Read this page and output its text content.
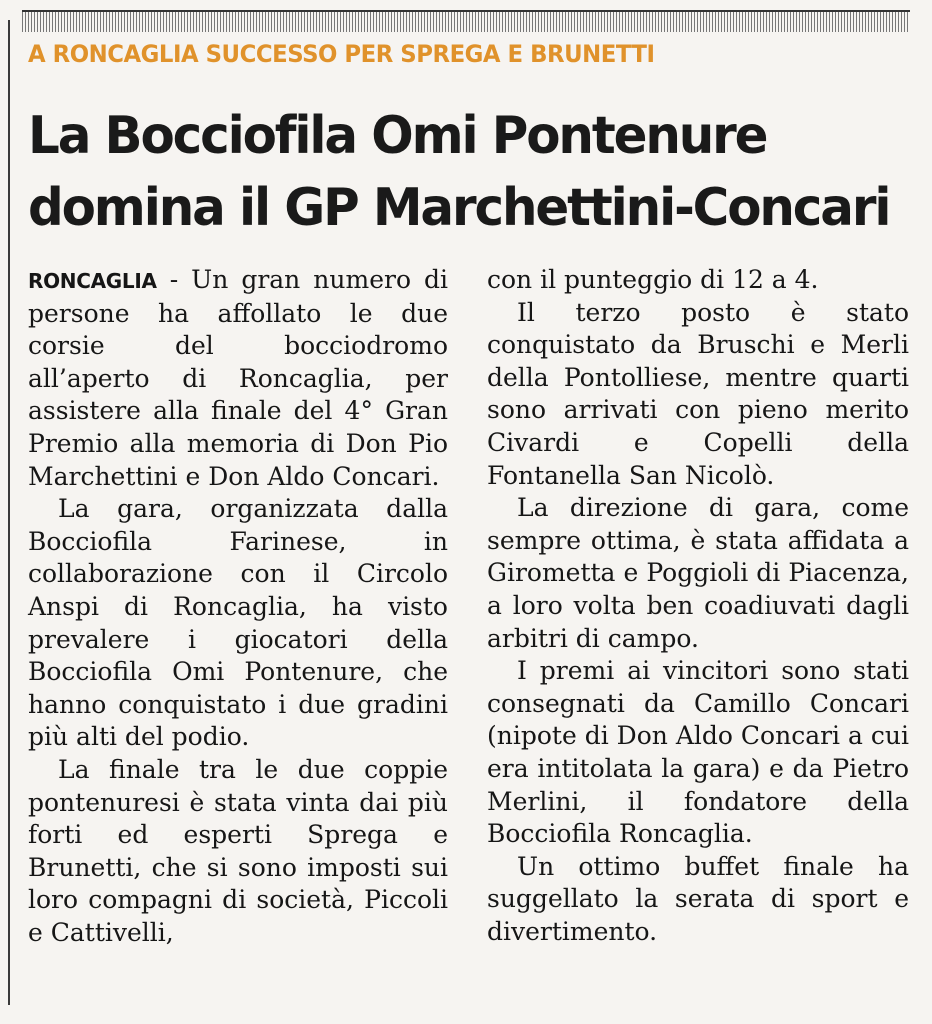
A RONCAGLIA SUCCESSO PER SPREGA E BRUNETTI
La Bocciofila Omi Pontenure
domina il GP Marchettini-Concari

RONCAGLIA - Un gran numero di persone ha affollato le due corsie del bocciodromo all’aperto di Roncaglia, per assistere alla finale del 4° Gran Premio alla memoria di Don Pio Marchettini e Don Aldo Concari.

La gara, organizzata dalla Bocciofila Farinese, in collaborazione con il Circolo Anspi di Roncaglia, ha visto prevalere i giocatori della Bocciofila Omi Pontenure, che hanno conquistato i due gradini più alti del podio.

La finale tra le due coppie pontenuresi è stata vinta dai più forti ed esperti Sprega e Brunetti, che si sono imposti sui loro compagni di società, Piccoli e Cattivelli,

con il punteggio di 12 a 4.

Il terzo posto è stato conquistato da Bruschi e Merli della Pontolliese, mentre quarti sono arrivati con pieno merito Civardi e Copelli della Fontanella San Nicolò.

La direzione di gara, come sempre ottima, è stata affidata a Girometta e Poggioli di Piacenza, a loro volta ben coadiuvati dagli arbitri di campo.

I premi ai vincitori sono stati consegnati da Camillo Concari (nipote di Don Aldo Concari a cui era intitolata la gara) e da Pietro Merlini, il fondatore della Bocciofila Roncaglia.

Un ottimo buffet finale ha suggellato la serata di sport e divertimento.
